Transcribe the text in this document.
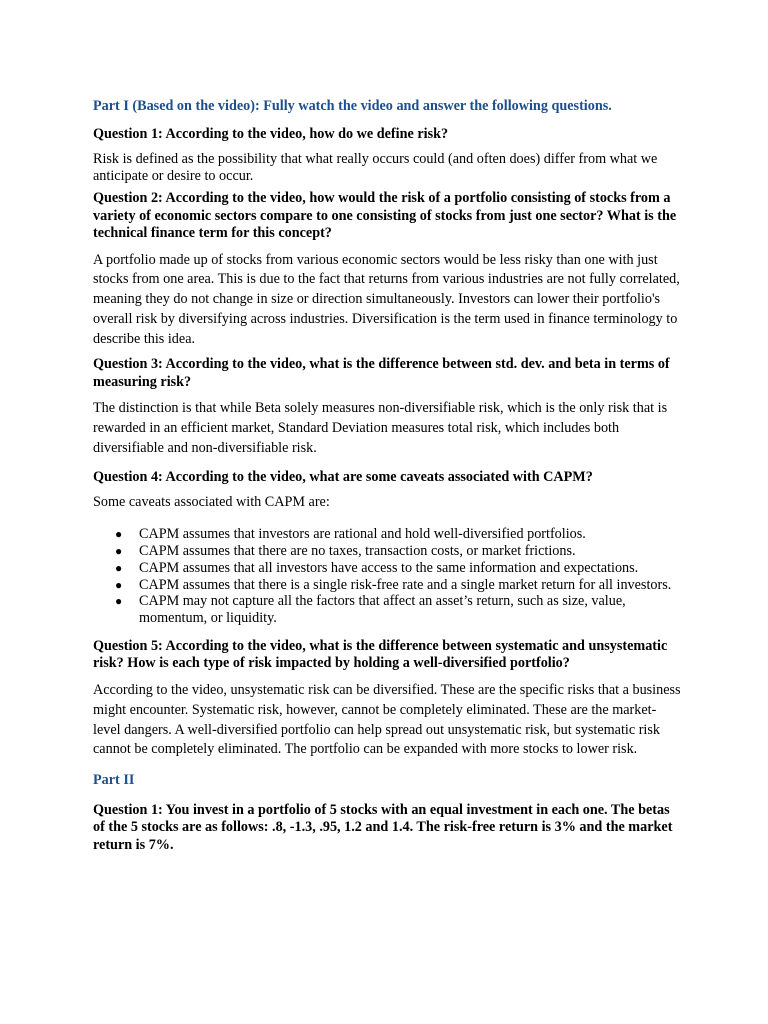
Part I (Based on the video): Fully watch the video and answer the following questions.

Question 1: According to the video, how do we define risk?

Risk is defined as the possibility that what really occurs could (and often does) differ from what we anticipate or desire to occur.

Question 2: According to the video, how would the risk of a portfolio consisting of stocks from a variety of economic sectors compare to one consisting of stocks from just one sector? What is the technical finance term for this concept?

A portfolio made up of stocks from various economic sectors would be less risky than one with just stocks from one area. This is due to the fact that returns from various industries are not fully correlated, meaning they do not change in size or direction simultaneously. Investors can lower their portfolio's overall risk by diversifying across industries. Diversification is the term used in finance terminology to describe this idea.

Question 3: According to the video, what is the difference between std. dev. and beta in terms of measuring risk?

The distinction is that while Beta solely measures non-diversifiable risk, which is the only risk that is rewarded in an efficient market, Standard Deviation measures total risk, which includes both diversifiable and non-diversifiable risk.

Question 4: According to the video, what are some caveats associated with CAPM?

Some caveats associated with CAPM are:

● CAPM assumes that investors are rational and hold well-diversified portfolios.
● CAPM assumes that there are no taxes, transaction costs, or market frictions.
● CAPM assumes that all investors have access to the same information and expectations.
● CAPM assumes that there is a single risk-free rate and a single market return for all investors.
● CAPM may not capture all the factors that affect an asset’s return, such as size, value, momentum, or liquidity.

Question 5: According to the video, what is the difference between systematic and unsystematic risk? How is each type of risk impacted by holding a well-diversified portfolio?

According to the video, unsystematic risk can be diversified. These are the specific risks that a business might encounter. Systematic risk, however, cannot be completely eliminated. These are the market-level dangers. A well-diversified portfolio can help spread out unsystematic risk, but systematic risk cannot be completely eliminated. The portfolio can be expanded with more stocks to lower risk.

Part II

Question 1: You invest in a portfolio of 5 stocks with an equal investment in each one. The betas of the 5 stocks are as follows: .8, -1.3, .95, 1.2 and 1.4. The risk-free return is 3% and the market return is 7%.
